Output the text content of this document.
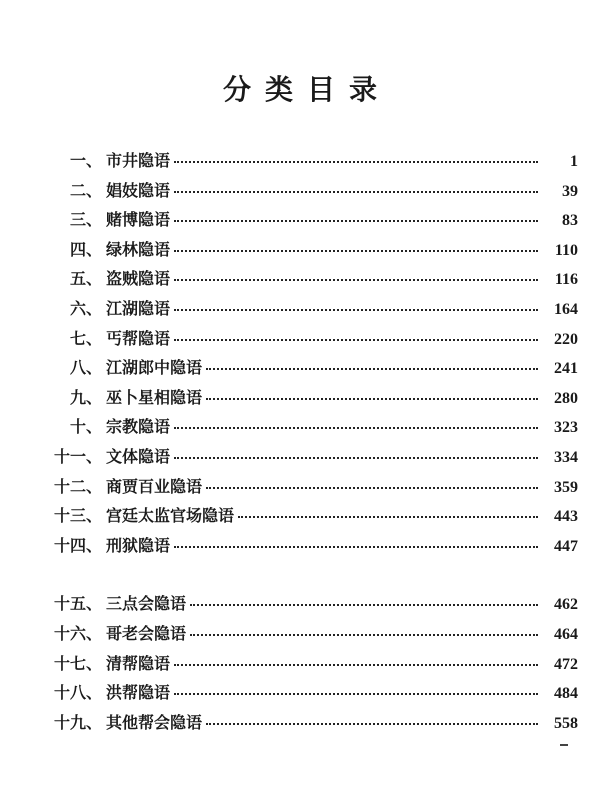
分类目录
一、 市井隐语	1
二、 娼妓隐语	39
三、 赌博隐语	83
四、 绿林隐语	110
五、 盗贼隐语	116
六、 江湖隐语	164
七、 丐帮隐语	220
八、 江湖郎中隐语	241
九、 巫卜星相隐语	280
十、 宗教隐语	323
十一、 文体隐语	334
十二、 商贾百业隐语	359
十三、 宫廷太监官场隐语	443
十四、 刑狱隐语	447
十五、 三点会隐语	462
十六、 哥老会隐语	464
十七、 清帮隐语	472
十八、 洪帮隐语	484
十九、 其他帮会隐语	558
